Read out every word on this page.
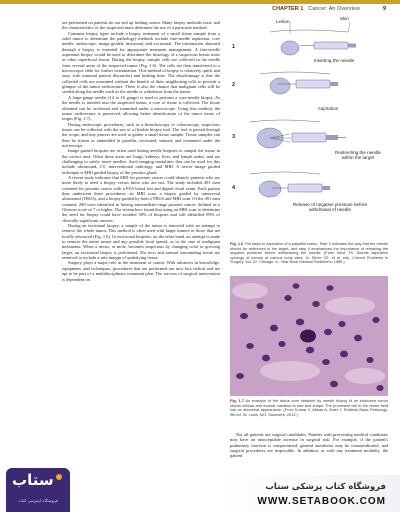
CHAPTER 1 Cancer: An Overview	9

are performed on patients do not end up finding cancer. Many biopsy methods exist, and the characteristics of the suspected mass determine the use of a particular method.

Common biopsy types include a biopsy treatment of a small tissue sample from a solid tumor to determine the pathology) methods include fine-needle aspiration, core needle, endoscopic, image guided, incisional, and excisional. The information obtained through a biopsy is essential for appropriate treatment management. A fine-needle aspiration biopsy would be used to determine the histology of a suspicious breast mass or other superficial lesion. During the biopsy, sample cells are collected in the needle from several areas of the suspected tumor (Fig. 1.6). The cells are then transferred to a microscopic slide for further examination. This method of biopsy is relatively quick and easy, with minimal patient discomfort and healing time. The disadvantage is that the collected cells are examined without the benefit of their neighboring cells to provide a glimpse of the tumor architecture. There is also the chance that malignant cells will be seeded along the needle track as the needle is withdrawn from the tumor.

A large-gauge needle (14 to 16 gauge) is used to perform a core-needle biopsy. As the needle is inserted into the suspected tumor, a core of tissue is collected. The tissue obtained can be sectioned and examined under a microscope. Using this method, the tumor architecture is preserved, allowing better identification of the tumor tissue of origin (Fig. 1.7).

During endoscopic procedures, such as a bronchoscopy or colonoscopy, suspicious tissue can be collected with the use of a flexible biopsy tool. The tool is passed through the scope, and tiny pincers are used to gather a small tissue sample. Tissue samples can then be frozen or embedded in paraffin, sectioned, stained, and examined under the microscope.

Image guided biopsies are often used during needle biopsies to sample the tissue in the correct area. Often these areas are lungs, kidneys, liver, and lymph nodes, and are challenging to safely insert needles. Such imaging modalities that can be used for this include ultrasound, CT, interventional radiology, and MRI. A newer image guided technique is MRI guided biopsy of the prostate gland.

A recent study indicates that MRI for prostate cancer could identify patients who are more likely to need a biopsy versus those who are not. The study included 491 men screened for prostate cancer with a PSA blood test and digital rectal exam. Each patient then underwent three procedures: an MRI scan, a biopsy guided by transrectal ultrasound (TRUS), and a biopsy guided by both a TRUS and MRI scan. Of the 491 men scanned, 289 were identified as having intermediate-stage prostate cancer, defined as a Gleason score of 7 or higher. The researchers found that using an MRI scan to determine the need for biopsy could have avoided 38% of biopsies and still identified 89% of clinically significant cancers.

During an incisional biopsy, a sample of the tumor is removed with no attempt to remove the whole tumor. This method is often used with larger tumors or those that are locally advanced (Fig. 1.8). In excisional biopsies, on the other hand, an attempt is made to remove the entire tumor and any possible local spread, as in the case of malignant melanoma. When a nevus, or mole, becomes suspicious by changing color or growing larger, an excisional biopsy is performed. The nevi and normal surrounding tissue are removed to include a safe margin of underlying tissue.

Surgery plays a major role in the treatment of cancer. With advances in knowledge, equipment, and techniques, procedures that are performed are now less radical and are apt to be part of a multidisciplinary treatment plan. The success of surgical intervention is dependent on

Lesion
Skin
Inserting the needle
Aspiration
Redirecting the needle within the target
Release of negative pressure before withdrawal of needle
1
2
3
4
Fig. 1.6 The steps in aspiration of a palpable lesion. Step 3 indicates the way that the needle should be redirected in the target, and step 4 emphasizes the importance of releasing the negative pressure before withdrawing the needle. (From Kline TS. Needle aspiration cytology of tumors at various body sites. In: Silver CE, et al, eds. Current Problems in Surgery. Vol. 22. Chicago, IL: Year Book Medical Publishers; 1985.)
Fig. 1.7 An example of the tissue core obtained by needle biopsy of an endocrine tumor shows cellular and nuclear variation in size and shape. The prominent cell in the center field has an abnormal appearance. (From Kumar V, Abbas A, Aster J. Robbins Basic Pathology. 9th ed. St. Louis, MO: Saunders; 2013.)

Not all patients are surgical candidates. Patients with preexisting medical conditions may have an unacceptable increase in surgical risk. For example, if the patient's pulmonary function is compromised, general anesthesia may be contraindicated, and surgical procedures are impossible. In addition, as with any treatment modality, the patient

ستاب
فروشگاه اینترنتی کتاب
فروشگاه کتاب پزشکی ستاب
WWW.SETABOOK.COM
